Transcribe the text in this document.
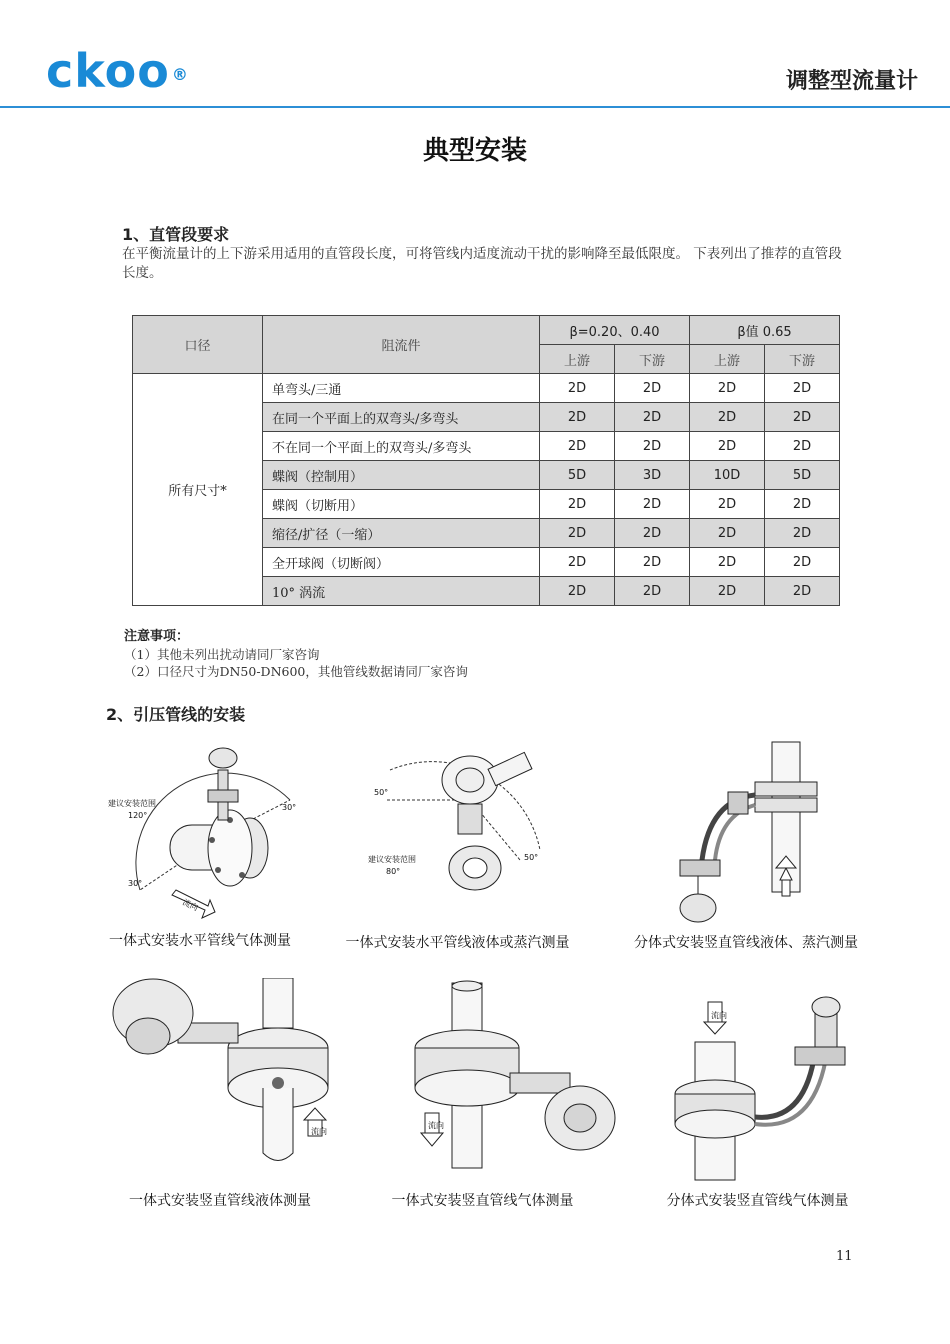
ckoo ®	调整型流量计
典型安装
1、直管段要求
在平衡流量计的上下游采用适用的直管段长度，可将管线内适度流动干扰的影响降至最低限度。 下表列出了推荐的直管段长度。
口径	阻流件	β=0.20、0.40		β值 0.65	
		上游	下游	上游	下游
所有尺寸*	单弯头/三通	2D	2D	2D	2D
	在同一个平面上的双弯头/多弯头	2D	2D	2D	2D
	不在同一个平面上的双弯头/多弯头	2D	2D	2D	2D
	蝶阀（控制用）	5D	3D	10D	5D
	蝶阀（切断用）	2D	2D	2D	2D
	缩径/扩径（一缩）	2D	2D	2D	2D
	全开球阀（切断阀）	2D	2D	2D	2D
	10° 涡流	2D	2D	2D	2D
注意事项：
（1）其他未列出扰动请同厂家咨询
（2）口径尺寸为DN50-DN600，其他管线数据请同厂家咨询
2、引压管线的安装
建议安装范围
120°
30°
30°
流向
一体式安装水平管线气体测量
50°
建议安装范围
80°
50°
一体式安装水平管线液体或蒸汽测量	分体式安装竖直管线液体、蒸汽测量
流向
一体式安装竖直管线液体测量
流向
一体式安装竖直管线气体测量
流向
分体式安装竖直管线气体测量
11
